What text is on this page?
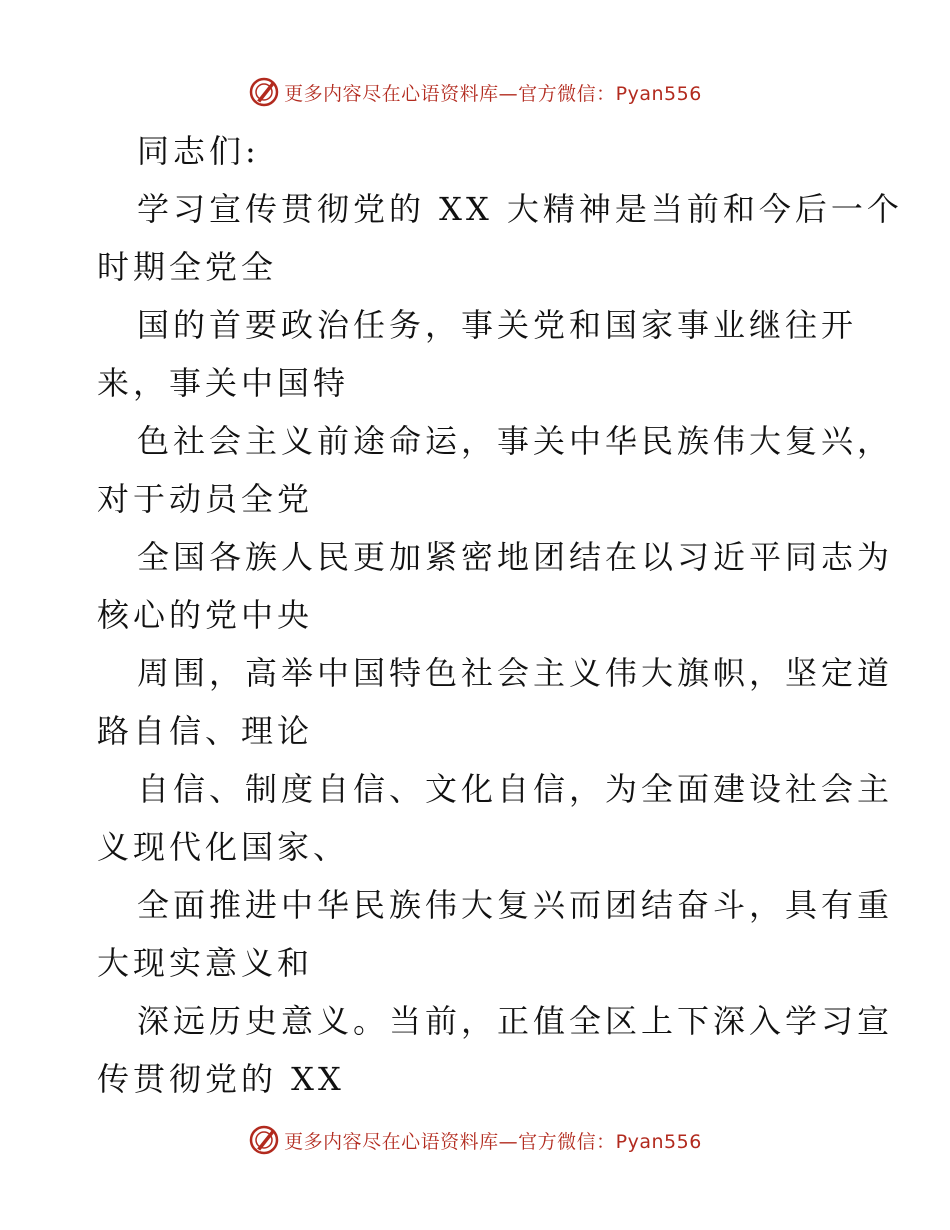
更多内容尽在心语资料库—官方微信：Pyan556
同志们:
学习宣传贯彻党的 XX 大精神是当前和今后一个
时期全党全
国的首要政治任务，事关党和国家事业继往开
来，事关中国特
色社会主义前途命运，事关中华民族伟大复兴，
对于动员全党
全国各族人民更加紧密地团结在以习近平同志为
核心的党中央
周围，高举中国特色社会主义伟大旗帜，坚定道
路自信、理论
自信、制度自信、文化自信，为全面建设社会主
义现代化国家、
全面推进中华民族伟大复兴而团结奋斗，具有重
大现实意义和
深远历史意义。当前，正值全区上下深入学习宣
传贯彻党的 XX
更多内容尽在心语资料库—官方微信：Pyan556
